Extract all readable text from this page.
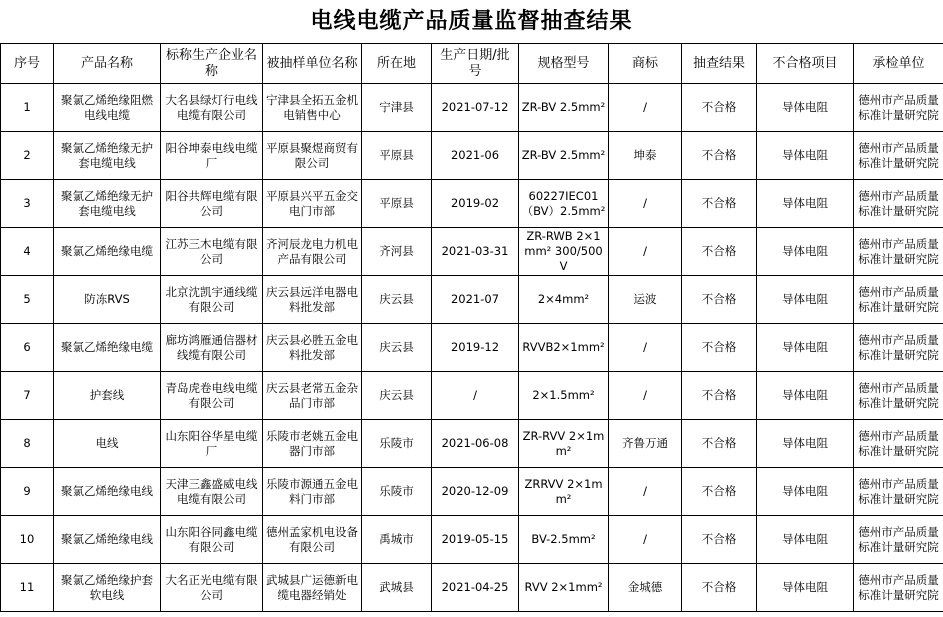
电线电缆产品质量监督抽查结果
序号	产品名称	标称生产企业名称	被抽样单位名称	所在地	生产日期/批号	规格型号	商标	抽查结果	不合格项目	承检单位
1	聚氯乙烯绝缘阻燃电线电缆	大名县绿灯行电线电缆有限公司	宁津县全拓五金机电销售中心	宁津县	2021-07-12	ZR-BV 2.5mm²	/	不合格	导体电阻	德州市产品质量标准计量研究院
2	聚氯乙烯绝缘无护套电缆电线	阳谷坤泰电线电缆厂	平原县聚煜商贸有限公司	平原县	2021-06	ZR-BV 2.5mm²	坤泰	不合格	导体电阻	德州市产品质量标准计量研究院
3	聚氯乙烯绝缘无护套电缆电线	阳谷共辉电缆有限公司	平原县兴平五金交电门市部	平原县	2019-02	60227IEC01（BV）2.5mm²	/	不合格	导体电阻	德州市产品质量标准计量研究院
4	聚氯乙烯绝缘电缆	江苏三木电缆有限公司	齐河辰龙电力机电产品有限公司	齐河县	2021-03-31	ZR-RWB 2×1mm² 300/500V	/	不合格	导体电阻	德州市产品质量标准计量研究院
5	防冻RVS	北京沈凯宇通线缆有限公司	庆云县远洋电器电料批发部	庆云县	2021-07	2×4mm²	运波	不合格	导体电阻	德州市产品质量标准计量研究院
6	聚氯乙烯绝缘电缆	廊坊鸿雁通信器材线缆有限公司	庆云县必胜五金电料批发部	庆云县	2019-12	RVVB2×1mm²	/	不合格	导体电阻	德州市产品质量标准计量研究院
7	护套线	青岛虎卷电线电缆有限公司	庆云县老常五金杂品门市部	庆云县	/	2×1.5mm²	/	不合格	导体电阻	德州市产品质量标准计量研究院
8	电线	山东阳谷华星电缆厂	乐陵市老姚五金电器门市部	乐陵市	2021-06-08	ZR-RVV 2×1mm²	齐鲁万通	不合格	导体电阻	德州市产品质量标准计量研究院
9	聚氯乙烯绝缘电线	天津三鑫盛威电线电缆有限公司	乐陵市源通五金电料门市部	乐陵市	2020-12-09	ZRRVV 2×1mm²	/	不合格	导体电阻	德州市产品质量标准计量研究院
10	聚氯乙烯绝缘电线	山东阳谷同鑫电缆有限公司	德州孟家机电设备有限公司	禹城市	2019-05-15	BV-2.5mm²	/	不合格	导体电阻	德州市产品质量标准计量研究院
11	聚氯乙烯绝缘护套软电线	大名正光电缆有限公司	武城县广运德新电缆电器经销处	武城县	2021-04-25	RVV 2×1mm²	金城德	不合格	导体电阻	德州市产品质量标准计量研究院
